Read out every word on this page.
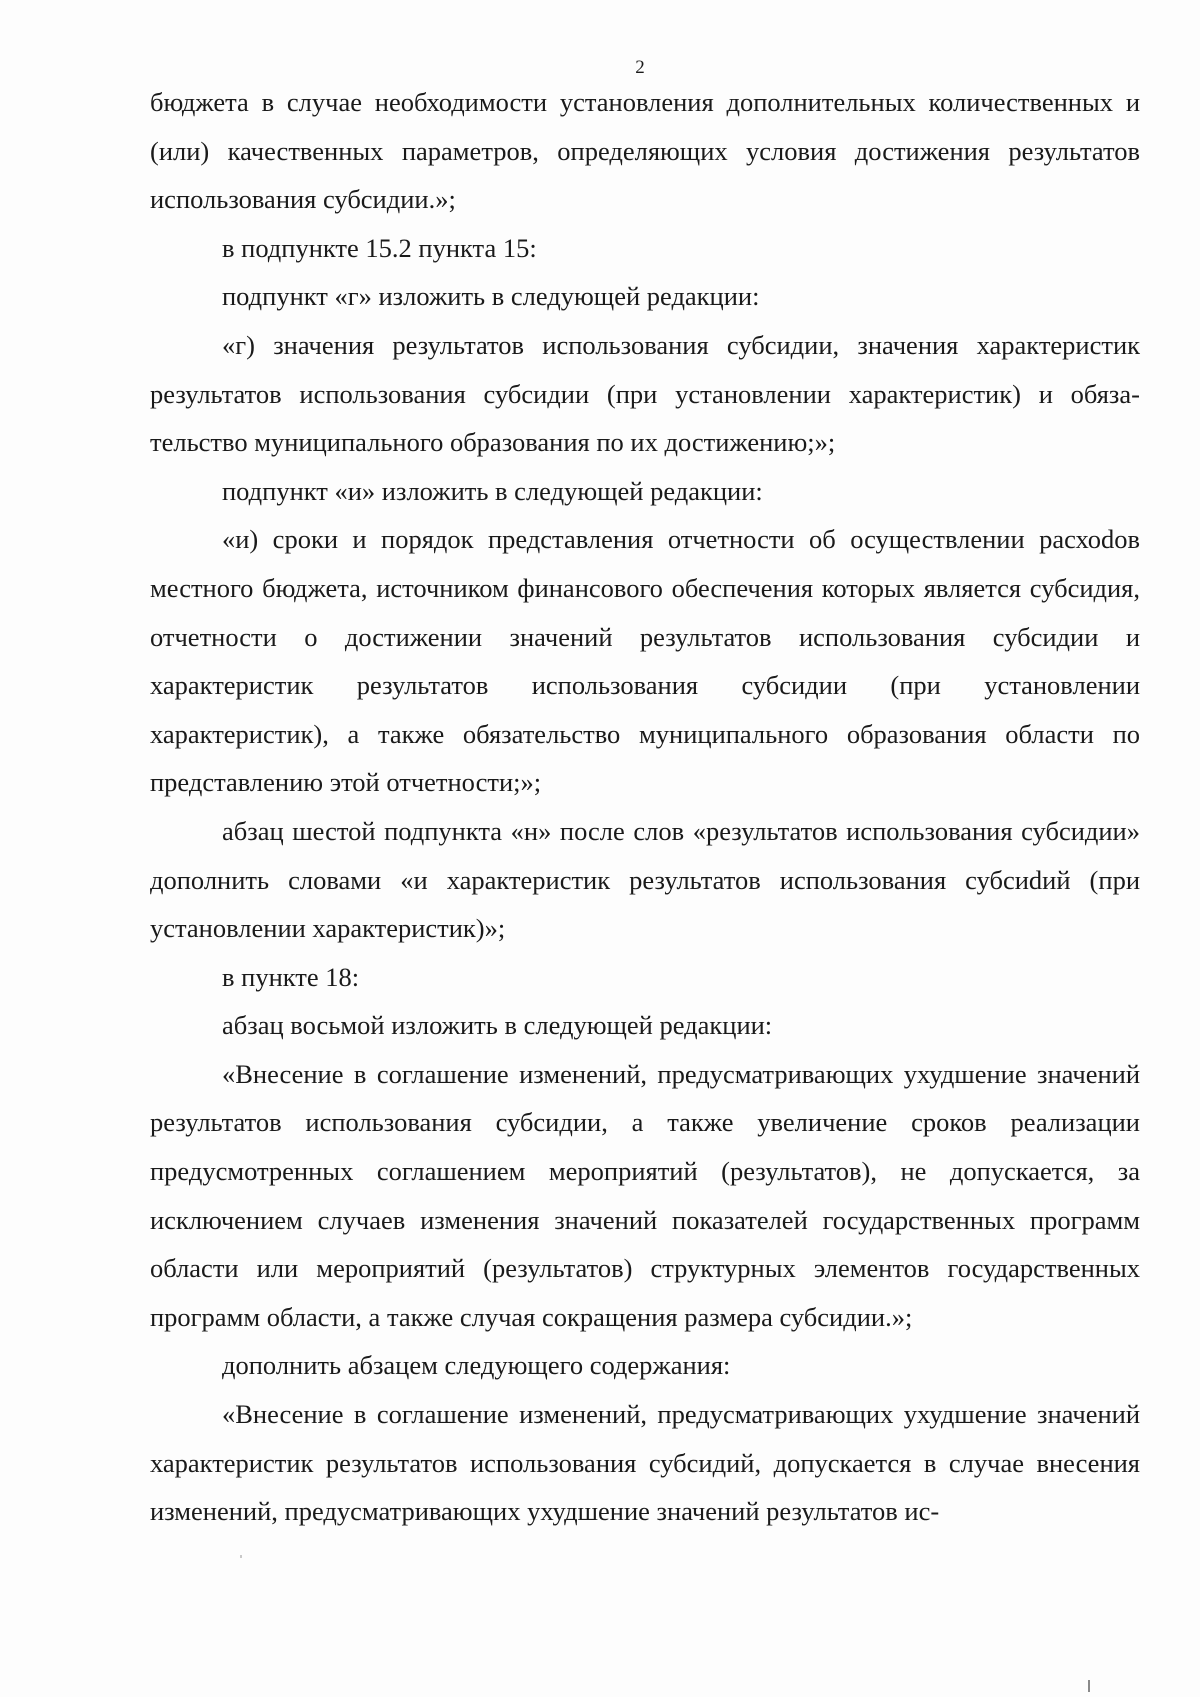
2

бюджета в случае необходимости установления дополнительных количественных и (или) качественных параметров, определяющих условия достижения результатов использования субсидии.»;

в подпункте 15.2 пункта 15:

подпункт «г» изложить в следующей редакции:

«г) значения результатов использования субсидии, значения характеристик результатов использования субсидии (при установлении характеристик) и обязательство муниципального образования по их достижению;»;

подпункт «и» изложить в следующей редакции:

«и) сроки и порядок представления отчетности об осуществлении расхоdов местного бюджета, источником финансового обеспечения которых является субсидия, отчетности о достижении значений результатов использования субсидии и характеристик результатов использования субсидии (при установлении характеристик), а также обязательство муниципального образования области по представлению этой отчетности;»;

абзац шестой подпункта «н» после слов «результатов использования субсидии» дополнить словами «и характеристик результатов использования субсиdий (при установлении характеристик)»;

в пункте 18:

абзац восьмой изложить в следующей редакции:

«Внесение в соглашение изменений, предусматривающих ухудшение значений результатов использования субсидии, а также увеличение сроков реализации предусмотренных соглашением мероприятий (результатов), не допускается, за исключением случаев изменения значений показателей государственных программ области или мероприятий (результатов) структурных элементов государственных программ области, а также случая сокращения размера субсидии.»;

дополнить абзацем следующего содержания:

«Внесение в соглашение изменений, предусматривающих ухудшение значений характеристик результатов использования субсидий, допускается в случае внесения изменений, предусматривающих ухудшение значений результатов ис-
